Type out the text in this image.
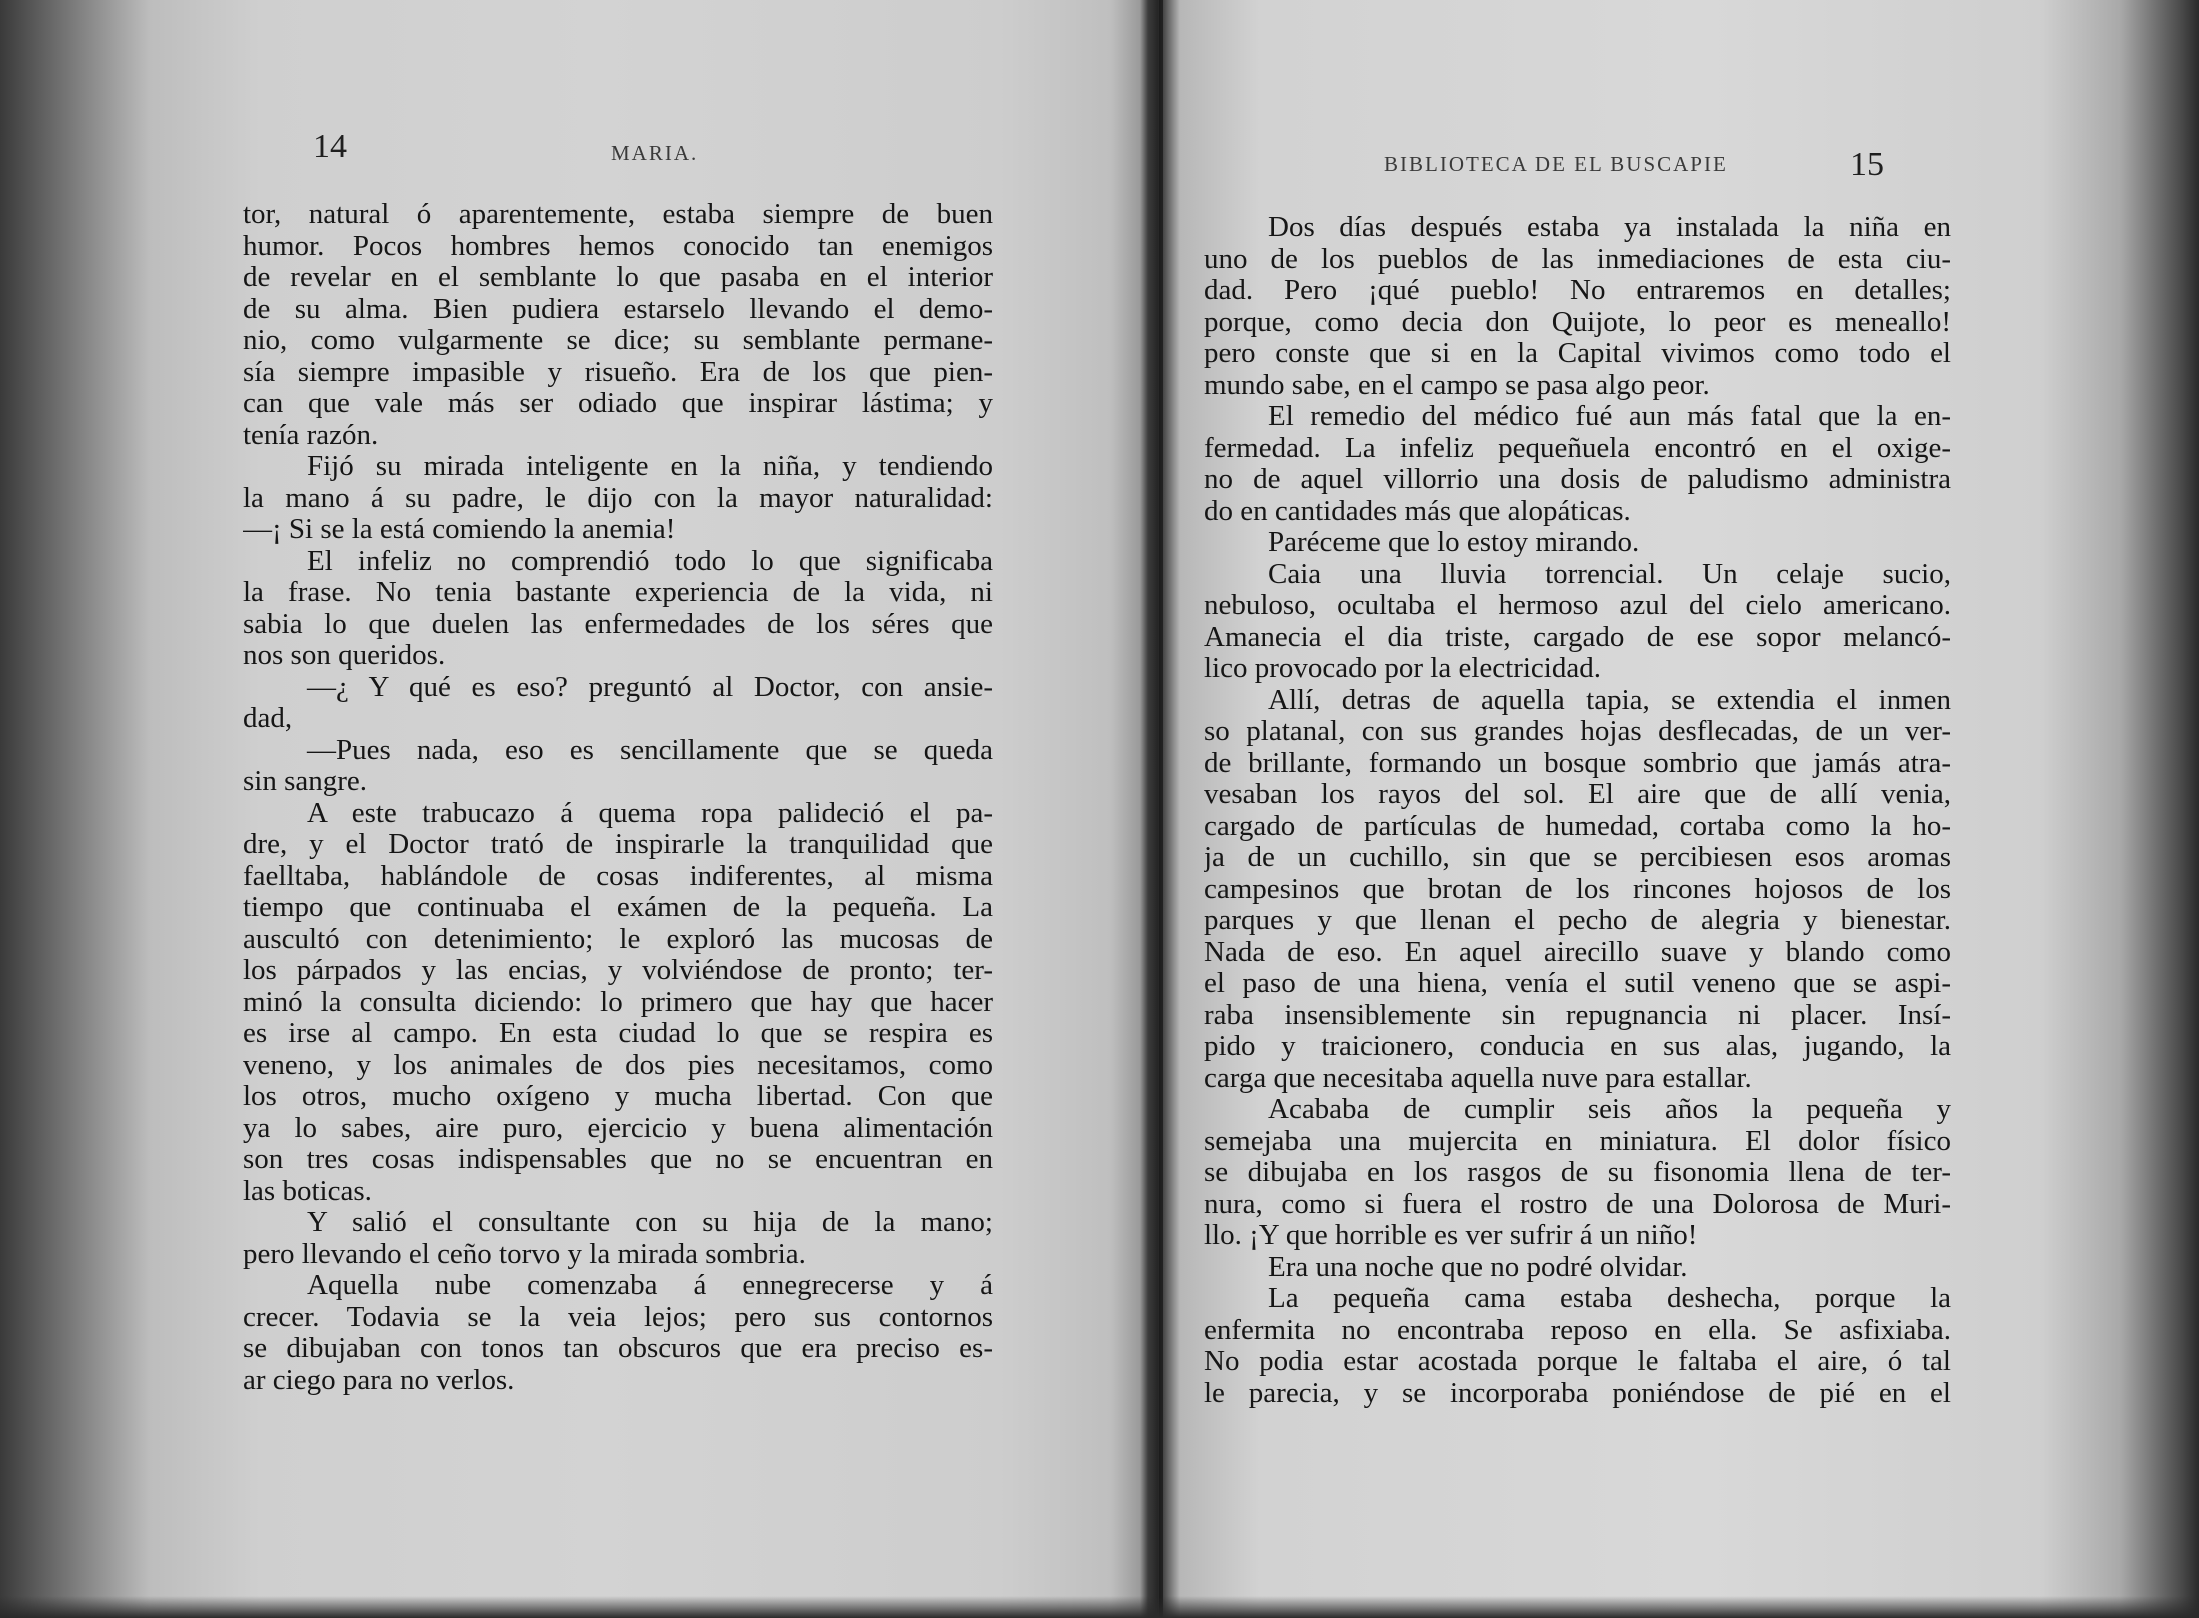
14	MARIA.
tor, natural ó aparentemente, estaba siempre de buen
humor. Pocos hombres hemos conocido tan enemigos
de revelar en el semblante lo que pasaba en el interior
de su alma. Bien pudiera estarselo llevando el demo-
nio, como vulgarmente se dice; su semblante permane-
sía siempre impasible y risueño. Era de los que pien-
can que vale más ser odiado que inspirar lástima; y
tenía razón.
Fijó su mirada inteligente en la niña, y tendiendo
la mano á su padre, le dijo con la mayor naturalidad:
—¡ Si se la está comiendo la anemia!
El infeliz no comprendió todo lo que significaba
la frase. No tenia bastante experiencia de la vida, ni
sabia lo que duelen las enfermedades de los séres que
nos son queridos.
—¿ Y qué es eso? preguntó al Doctor, con ansie-
dad,
—Pues nada, eso es sencillamente que se queda
sin sangre.
A este trabucazo á quema ropa palideció el pa-
dre, y el Doctor trató de inspirarle la tranquilidad que
faelltaba, hablándole de cosas indiferentes, al misma
tiempo que continuaba el exámen de la pequeña. La
auscultó con detenimiento; le exploró las mucosas de
los párpados y las encias, y volviéndose de pronto; ter-
minó la consulta diciendo: lo primero que hay que hacer
es irse al campo. En esta ciudad lo que se respira es
veneno, y los animales de dos pies necesitamos, como
los otros, mucho oxígeno y mucha libertad. Con que
ya lo sabes, aire puro, ejercicio y buena alimentación
son tres cosas indispensables que no se encuentran en
las boticas.
Y salió el consultante con su hija de la mano;
pero llevando el ceño torvo y la mirada sombria.
Aquella nube comenzaba á ennegrecerse y á
crecer. Todavia se la veia lejos; pero sus contornos
se dibujaban con tonos tan obscuros que era preciso es-
ar ciego para no verlos.
BIBLIOTECA DE EL BUSCAPIE	15
Dos días después estaba ya instalada la niña en
uno de los pueblos de las inmediaciones de esta ciu-
dad. Pero ¡qué pueblo! No entraremos en detalles;
porque, como decia don Quijote, lo peor es meneallo!
pero conste que si en la Capital vivimos como todo el
mundo sabe, en el campo se pasa algo peor.
El remedio del médico fué aun más fatal que la en-
fermedad. La infeliz pequeñuela encontró en el oxige-
no de aquel villorrio una dosis de paludismo administra
do en cantidades más que alopáticas.
Paréceme que lo estoy mirando.
Caia una lluvia torrencial. Un celaje sucio,
nebuloso, ocultaba el hermoso azul del cielo americano.
Amanecia el dia triste, cargado de ese sopor melancó-
lico provocado por la electricidad.
Allí, detras de aquella tapia, se extendia el inmen
so platanal, con sus grandes hojas desflecadas, de un ver-
de brillante, formando un bosque sombrio que jamás atra-
vesaban los rayos del sol. El aire que de allí venia,
cargado de partículas de humedad, cortaba como la ho-
ja de un cuchillo, sin que se percibiesen esos aromas
campesinos que brotan de los rincones hojosos de los
parques y que llenan el pecho de alegria y bienestar.
Nada de eso. En aquel airecillo suave y blando como
el paso de una hiena, venía el sutil veneno que se aspi-
raba insensiblemente sin repugnancia ni placer. Insí-
pido y traicionero, conducia en sus alas, jugando, la
carga que necesitaba aquella nuve para estallar.
Acababa de cumplir seis años la pequeña y
semejaba una mujercita en miniatura. El dolor físico
se dibujaba en los rasgos de su fisonomia llena de ter-
nura, como si fuera el rostro de una Dolorosa de Muri-
llo. ¡Y que horrible es ver sufrir á un niño!
Era una noche que no podré olvidar.
La pequeña cama estaba deshecha, porque la
enfermita no encontraba reposo en ella. Se asfixiaba.
No podia estar acostada porque le faltaba el aire, ó tal
le parecia, y se incorporaba poniéndose de pié en el
